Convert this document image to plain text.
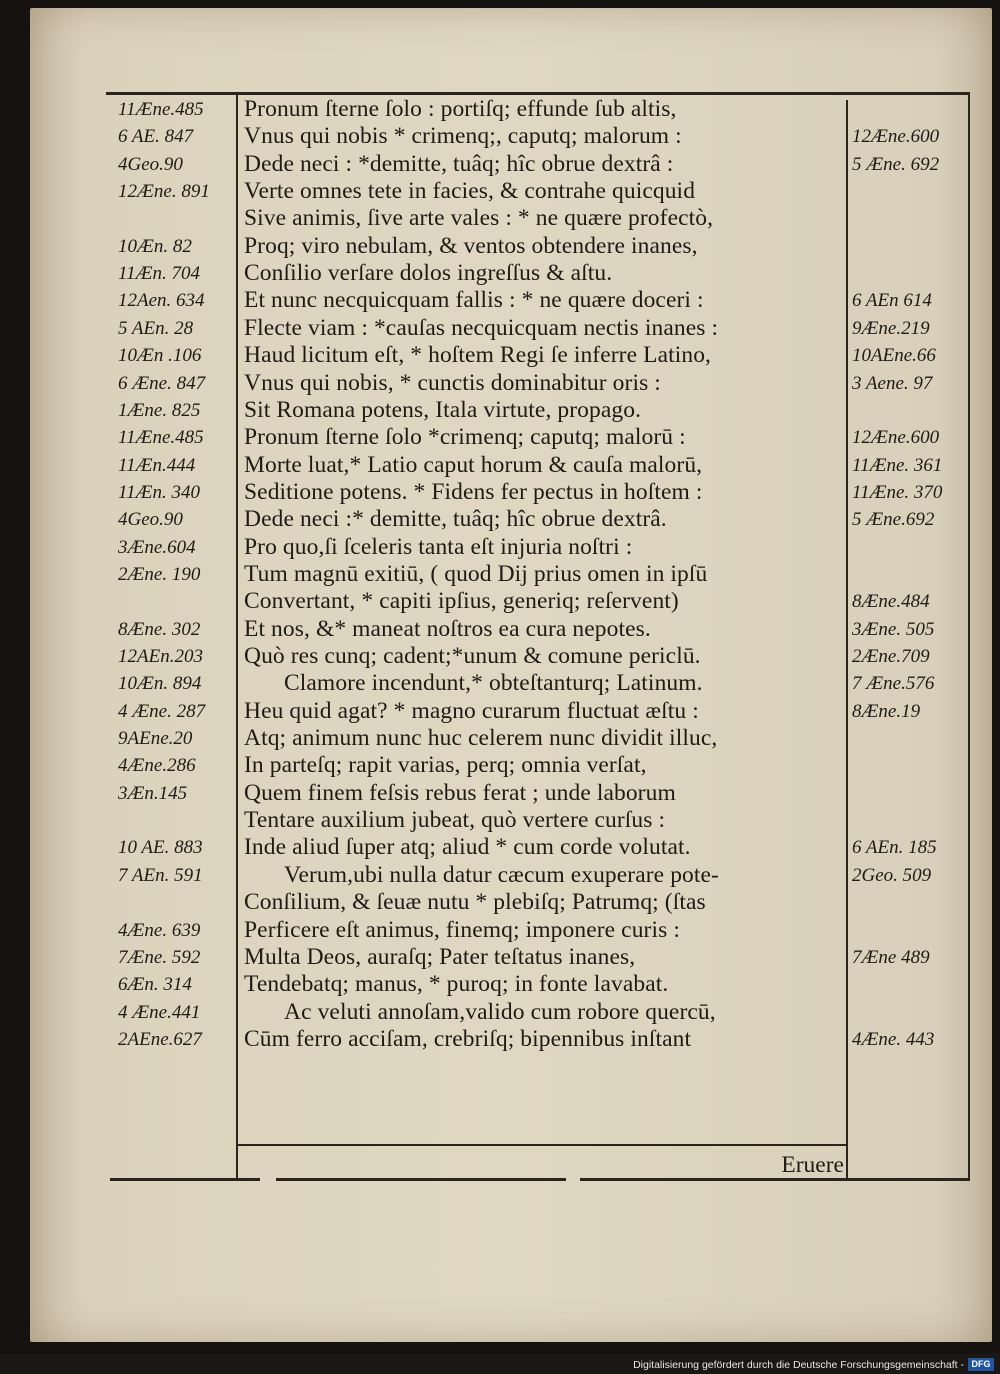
11Æne.485	Pronum ſterne ſolo : portiſq; effunde ſub altis,
6 AE. 847	Vnus qui nobis * crimenq;, caputq; malorum :	12Æne.600
4Geo.90	Dede neci : *demitte, tuâq; hîc obrue dextrâ :	5 Æne. 692
12Æne. 891	Verte omnes tete in facies, & contrahe quicquid
Sive animis, ſive arte vales : * ne quære profectò,
10Æn. 82	Proq; viro nebulam, & ventos obtendere inanes,
11Æn. 704	Conſilio verſare dolos ingreſſus & aſtu.
12Aen. 634	Et nunc necquicquam fallis : * ne quære doceri :	6 AEn 614
5 AEn. 28	Flecte viam : *cauſas necquicquam nectis inanes :	9Æne.219
10Æn .106	Haud licitum eſt, * hoſtem Regi ſe inferre Latino,	10AEne.66
6 Æne. 847	Vnus qui nobis, * cunctis dominabitur oris :	3 Aene. 97
1Æne. 825	Sit Romana potens, Itala virtute, propago.
11Æne.485	Pronum ſterne ſolo *crimenq; caputq; malorū :	12Æne.600
11Æn.444	Morte luat,* Latio caput horum & cauſa malorū,	11Æne. 361
11Æn. 340	Seditione potens. * Fidens fer pectus in hoſtem :	11Æne. 370
4Geo.90	Dede neci :* demitte, tuâq; hîc obrue dextrâ.	5 Æne.692
3Æne.604	Pro quo,ſi ſceleris tanta eſt injuria noſtri :
2Æne. 190	Tum magnū exitiū, ( quod Dij prius omen in ipſū
Convertant, * capiti ipſius, generiq; reſervent)	8Æne.484
8Æne. 302	Et nos, &* maneat noſtros ea cura nepotes.	3Æne. 505
12AEn.203	Quò res cunq; cadent;*unum & comune periclū.	2Æne.709
10Æn. 894	Clamore incendunt,* obteſtanturq; Latinum.	7 Æne.576
4 Æne. 287	Heu quid agat? * magno curarum fluctuat æſtu :	8Æne.19
9AEne.20	Atq; animum nunc huc celerem nunc dividit illuc,
4Æne.286	In parteſq; rapit varias, perq; omnia verſat,
3Æn.145	Quem finem feſsis rebus ferat ; unde laborum
Tentare auxilium jubeat, quò vertere curſus :
10 AE. 883	Inde aliud ſuper atq; aliud * cum corde volutat.	6 AEn. 185
7 AEn. 591	Verum,ubi nulla datur cæcum exuperare pote-	2Geo. 509
Conſilium, & ſeuæ nutu * plebiſq; Patrumq; (ſtas
4Æne. 639	Perficere eſt animus, finemq; imponere curis :
7Æne. 592	Multa Deos, auraſq; Pater teſtatus inanes,	7Æne 489
6Æn. 314	Tendebatq; manus, * puroq; in fonte lavabat.
4 Æne.441	Ac veluti annoſam,valido cum robore quercū,
2AEne.627	Cūm ferro acciſam, crebriſq; bipennibus inſtant	4Æne. 443
Eruere
Digitalisierung gefördert durch die Deutsche Forschungsgemeinschaft - DFG
